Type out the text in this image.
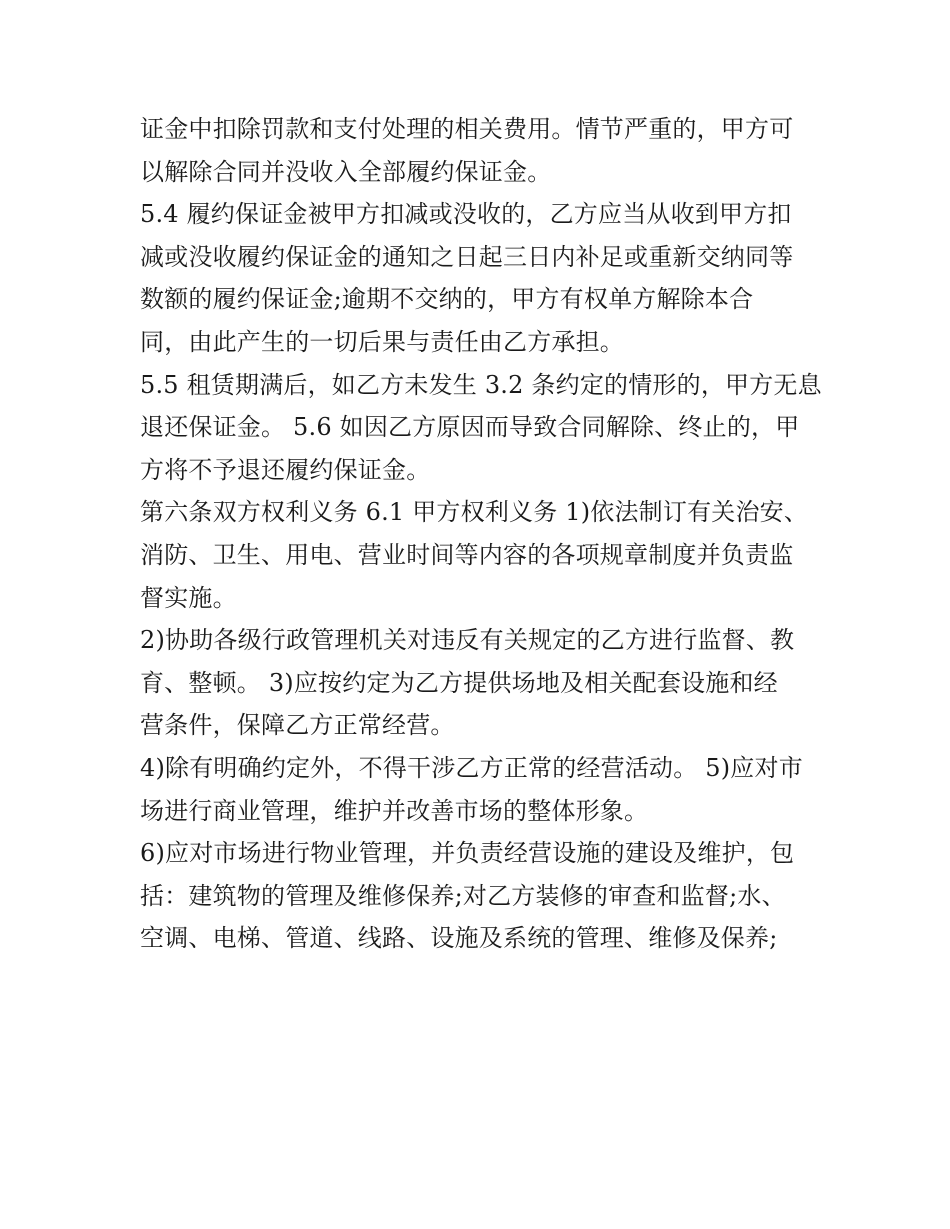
证金中扣除罚款和支付处理的相关费用。情节严重的，甲方可
以解除合同并没收入全部履约保证金。
5.4 履约保证金被甲方扣减或没收的，乙方应当从收到甲方扣
减或没收履约保证金的通知之日起三日内补足或重新交纳同等
数额的履约保证金;逾期不交纳的，甲方有权单方解除本合
同，由此产生的一切后果与责任由乙方承担。
5.5 租赁期满后，如乙方未发生 3.2 条约定的情形的，甲方无息
退还保证金。 5.6 如因乙方原因而导致合同解除、终止的，甲
方将不予退还履约保证金。
第六条双方权利义务 6.1 甲方权利义务 1)依法制订有关治安、
消防、卫生、用电、营业时间等内容的各项规章制度并负责监
督实施。
2)协助各级行政管理机关对违反有关规定的乙方进行监督、教
育、整顿。 3)应按约定为乙方提供场地及相关配套设施和经
营条件，保障乙方正常经营。
4)除有明确约定外，不得干涉乙方正常的经营活动。 5)应对市
场进行商业管理，维护并改善市场的整体形象。
6)应对市场进行物业管理，并负责经营设施的建设及维护，包
括：建筑物的管理及维修保养;对乙方装修的审查和监督;水、
空调、电梯、管道、线路、设施及系统的管理、维修及保养;
